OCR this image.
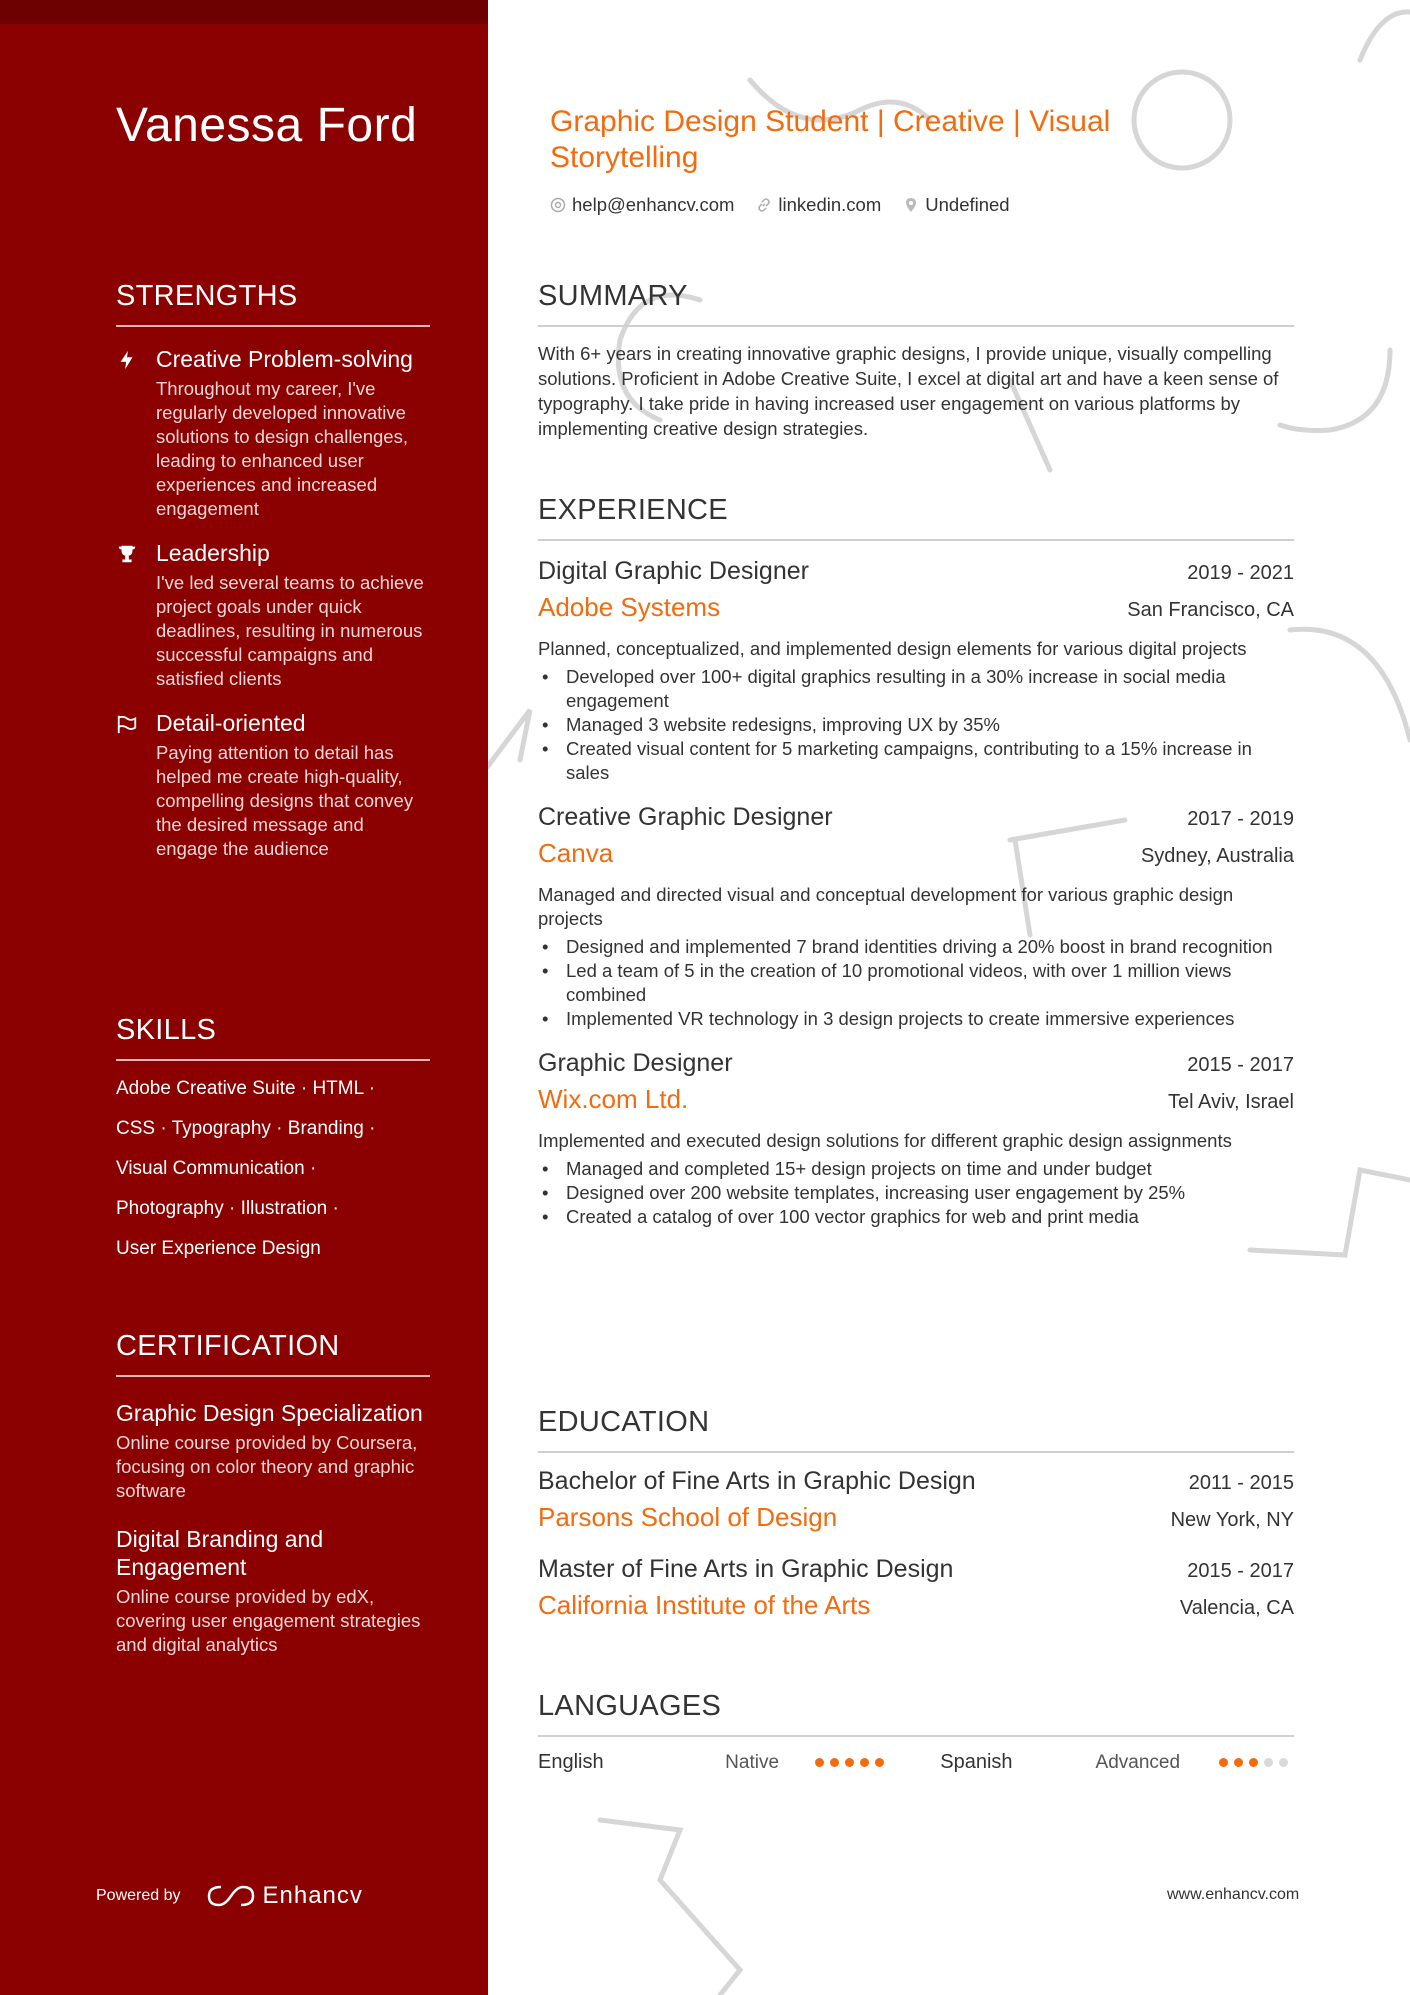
Vanessa Ford
STRENGTHS
Creative Problem-solving
Throughout my career, I've regularly developed innovative solutions to design challenges, leading to enhanced user experiences and increased engagement
Leadership
I've led several teams to achieve project goals under quick deadlines, resulting in numerous successful campaigns and satisfied clients
Detail-oriented
Paying attention to detail has helped me create high-quality, compelling designs that convey the desired message and engage the audience
SKILLS
Adobe Creative Suite · HTML ·
CSS · Typography · Branding ·
Visual Communication ·
Photography · Illustration ·
User Experience Design
CERTIFICATION
Graphic Design Specialization
Online course provided by Coursera, focusing on color theory and graphic software
Digital Branding and Engagement
Online course provided by edX, covering user engagement strategies and digital analytics
Powered by	Enhancv
Graphic Design Student | Creative | Visual Storytelling
help@enhancv.com linkedin.com Undefined
SUMMARY
With 6+ years in creating innovative graphic designs, I provide unique, visually compelling solutions. Proficient in Adobe Creative Suite, I excel at digital art and have a keen sense of typography. I take pride in having increased user engagement on various platforms by implementing creative design strategies.
EXPERIENCE
Digital Graphic Designer	2019 - 2021
Adobe Systems	San Francisco, CA
Planned, conceptualized, and implemented design elements for various digital projects
• Developed over 100+ digital graphics resulting in a 30% increase in social media engagement
• Managed 3 website redesigns, improving UX by 35%
• Created visual content for 5 marketing campaigns, contributing to a 15% increase in sales
Creative Graphic Designer	2017 - 2019
Canva	Sydney, Australia
Managed and directed visual and conceptual development for various graphic design projects
• Designed and implemented 7 brand identities driving a 20% boost in brand recognition
• Led a team of 5 in the creation of 10 promotional videos, with over 1 million views combined
• Implemented VR technology in 3 design projects to create immersive experiences
Graphic Designer	2015 - 2017
Wix.com Ltd.	Tel Aviv, Israel
Implemented and executed design solutions for different graphic design assignments
• Managed and completed 15+ design projects on time and under budget
• Designed over 200 website templates, increasing user engagement by 25%
• Created a catalog of over 100 vector graphics for web and print media
EDUCATION
Bachelor of Fine Arts in Graphic Design	2011 - 2015
Parsons School of Design	New York, NY
Master of Fine Arts in Graphic Design	2015 - 2017
California Institute of the Arts	Valencia, CA
LANGUAGES
English	Native	Spanish	Advanced
www.enhancv.com
